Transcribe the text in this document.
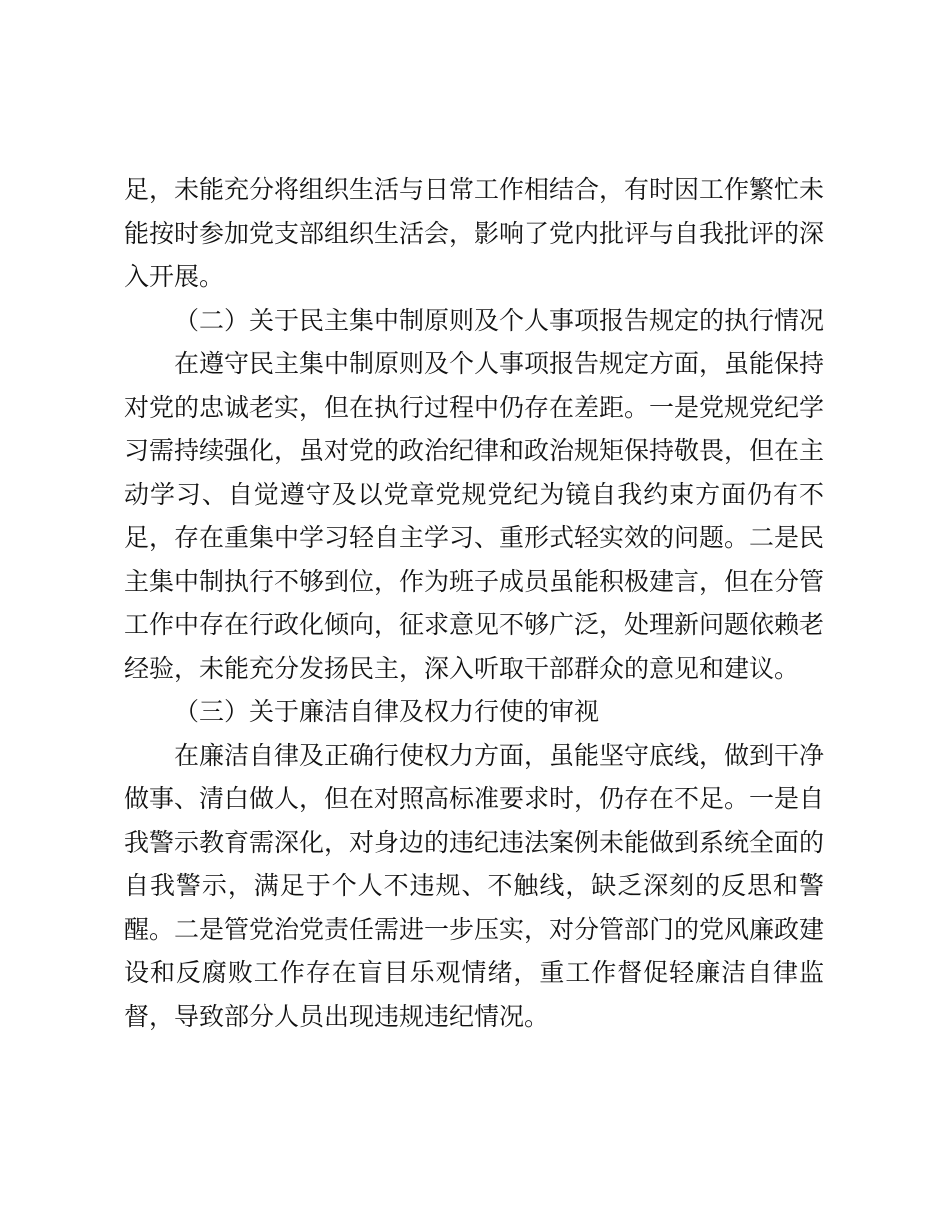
足，未能充分将组织生活与日常工作相结合，有时因工作繁忙未能按时参加党支部组织生活会，影响了党内批评与自我批评的深入开展。

（二）关于民主集中制原则及个人事项报告规定的执行情况

在遵守民主集中制原则及个人事项报告规定方面，虽能保持对党的忠诚老实，但在执行过程中仍存在差距。一是党规党纪学习需持续强化，虽对党的政治纪律和政治规矩保持敬畏，但在主动学习、自觉遵守及以党章党规党纪为镜自我约束方面仍有不足，存在重集中学习轻自主学习、重形式轻实效的问题。二是民主集中制执行不够到位，作为班子成员虽能积极建言，但在分管工作中存在行政化倾向，征求意见不够广泛，处理新问题依赖老经验，未能充分发扬民主，深入听取干部群众的意见和建议。

（三）关于廉洁自律及权力行使的审视

在廉洁自律及正确行使权力方面，虽能坚守底线，做到干净做事、清白做人，但在对照高标准要求时，仍存在不足。一是自我警示教育需深化，对身边的违纪违法案例未能做到系统全面的自我警示，满足于个人不违规、不触线，缺乏深刻的反思和警醒。二是管党治党责任需进一步压实，对分管部门的党风廉政建设和反腐败工作存在盲目乐观情绪，重工作督促轻廉洁自律监督，导致部分人员出现违规违纪情况。
